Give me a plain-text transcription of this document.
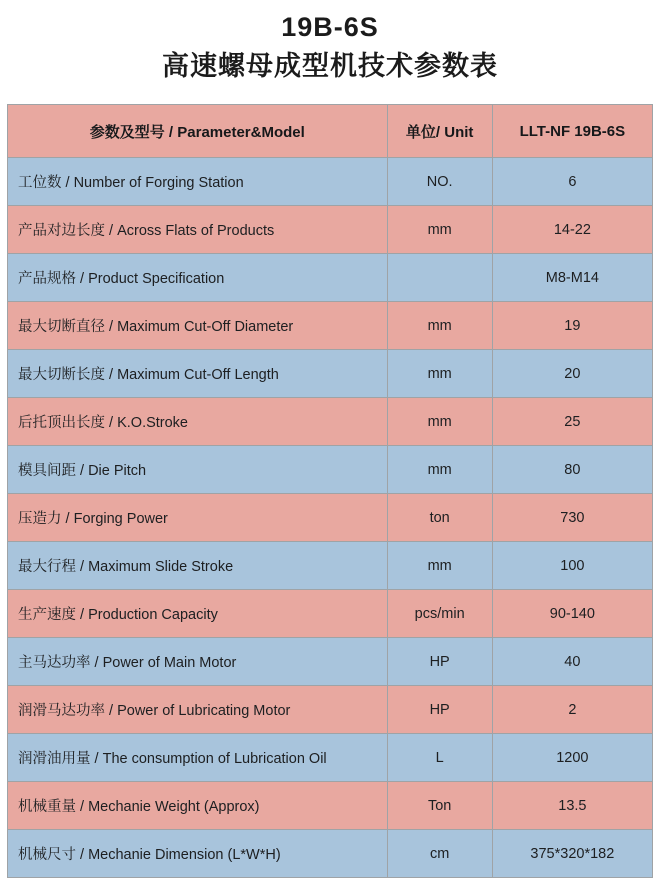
19B-6S
高速螺母成型机技术参数表
参数及型号 / Parameter&Model	单位/ Unit	LLT-NF 19B-6S
工位数 / Number of Forging Station	NO.	6
产品对边长度 / Across Flats of Products	mm	14-22
产品规格 / Product Specification		M8-M14
最大切断直径 / Maximum Cut-Off Diameter	mm	19
最大切断长度 / Maximum Cut-Off Length	mm	20
后托顶出长度 / K.O.Stroke	mm	25
模具间距 / Die Pitch	mm	80
压造力 / Forging Power	ton	730
最大行程 / Maximum Slide Stroke	mm	100
生产速度 / Production Capacity	pcs/min	90-140
主马达功率 / Power of Main Motor	HP	40
润滑马达功率 / Power of Lubricating Motor	HP	2
润滑油用量 / The consumption of Lubrication Oil	L	1200
机械重量 / Mechanie Weight (Approx)	Ton	13.5
机械尺寸 / Mechanie Dimension (L*W*H)	cm	375*320*182
